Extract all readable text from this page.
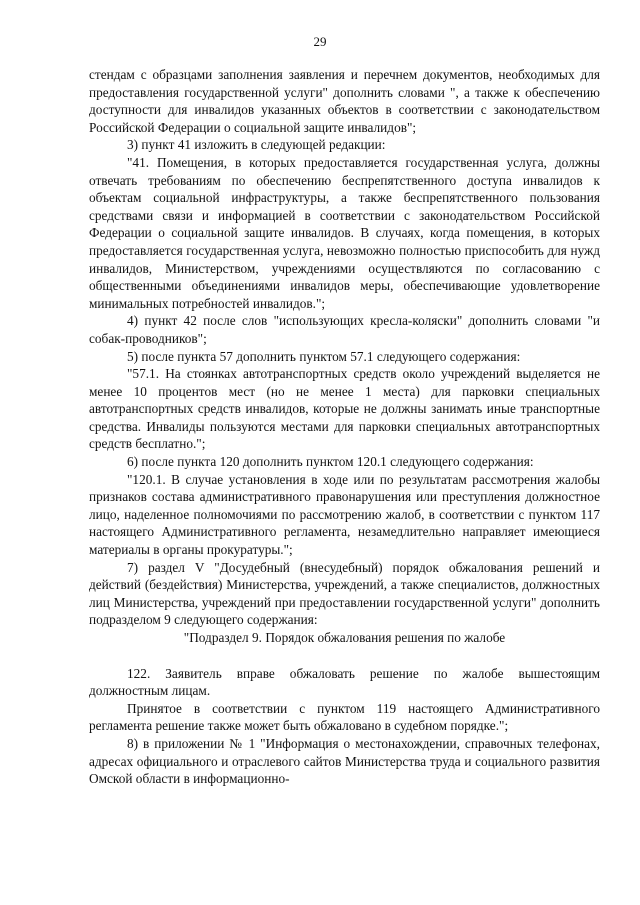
29

стендам с образцами заполнения заявления и перечнем документов, необходимых для предоставления государственной услуги" дополнить словами ", а также к обеспечению доступности для инвалидов указанных объектов в соответствии с законодательством Российской Федерации о социальной защите инвалидов";

3) пункт 41 изложить в следующей редакции:

"41. Помещения, в которых предоставляется государственная услуга, должны отвечать требованиям по обеспечению беспрепятственного доступа инвалидов к объектам социальной инфраструктуры, а также беспрепятственного пользования средствами связи и информацией в соответствии с законодательством Российской Федерации о социальной защите инвалидов. В случаях, когда помещения, в которых предоставляется государственная услуга, невозможно полностью приспособить для нужд инвалидов, Министерством, учреждениями осуществляются по согласованию с общественными объединениями инвалидов меры, обеспечивающие удовлетворение минимальных потребностей инвалидов.";

4) пункт 42 после слов "использующих кресла-коляски" дополнить словами "и собак-проводников";

5) после пункта 57 дополнить пунктом 57.1 следующего содержания:

"57.1. На стоянках автотранспортных средств около учреждений выделяется не менее 10 процентов мест (но не менее 1 места) для парковки специальных автотранспортных средств инвалидов, которые не должны занимать иные транспортные средства. Инвалиды пользуются местами для парковки специальных автотранспортных средств бесплатно.";

6) после пункта 120 дополнить пунктом 120.1 следующего содержания:

"120.1. В случае установления в ходе или по результатам рассмотрения жалобы признаков состава административного правонарушения или преступления должностное лицо, наделенное полномочиями по рассмотрению жалоб, в соответствии с пунктом 117 настоящего Административного регламента, незамедлительно направляет имеющиеся материалы в органы прокуратуры.";

7) раздел V "Досудебный (внесудебный) порядок обжалования решений и действий (бездействия) Министерства, учреждений, а также специалистов, должностных лиц Министерства, учреждений при предоставлении государственной услуги" дополнить подразделом 9 следующего содержания:

"Подраздел 9. Порядок обжалования решения по жалобе

122. Заявитель вправе обжаловать решение по жалобе вышестоящим должностным лицам.

Принятое в соответствии с пунктом 119 настоящего Административного регламента решение также может быть обжаловано в судебном порядке.";

8) в приложении № 1 "Информация о местонахождении, справочных телефонах, адресах официального и отраслевого сайтов Министерства труда и социального развития Омской области в информационно-
